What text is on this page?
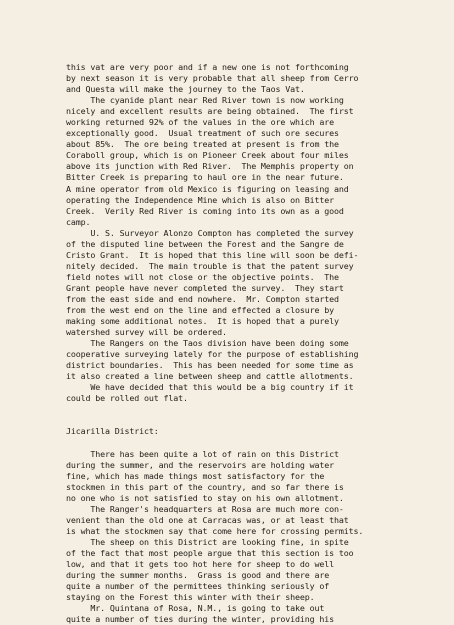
this vat are very poor and if a new one is not forthcoming
by next season it is very probable that all sheep from Cerro
and Questa will make the journey to the Taos Vat.
The cyanide plant near Red River town is now working
nicely and excellent results are being obtained.  The first
working returned 92% of the values in the ore which are
exceptionally good.  Usual treatment of such ore secures
about 85%.  The ore being treated at present is from the
Coraboll group, which is on Pioneer Creek about four miles
above its junction with Red River.  The Memphis property on
Bitter Creek is preparing to haul ore in the near future.
A mine operator from old Mexico is figuring on leasing and
operating the Independence Mine which is also on Bitter
Creek.  Verily Red River is coming into its own as a good
camp.
U. S. Surveyor Alonzo Compton has completed the survey
of the disputed line between the Forest and the Sangre de
Cristo Grant.  It is hoped that this line will soon be defi-
nitely decided.  The main trouble is that the patent survey
field notes will not close or the objective points.  The
Grant people have never completed the survey.  They start
from the east side and end nowhere.  Mr. Compton started
from the west end on the line and effected a closure by
making some additional notes.  It is hoped that a purely
watershed survey will be ordered.
The Rangers on the Taos division have been doing some
cooperative surveying lately for the purpose of establishing
district boundaries.  This has been needed for some time as
it also created a line between sheep and cattle allotments.
We have decided that this would be a big country if it
could be rolled out flat.
Jicarilla District:
There has been quite a lot of rain on this District
during the summer, and the reservoirs are holding water
fine, which has made things most satisfactory for the
stockmen in this part of the country, and so far there is
no one who is not satisfied to stay on his own allotment.
The Ranger's headquarters at Rosa are much more con-
venient than the old one at Carracas was, or at least that
is what the stockmen say that come here for crossing permits.
The sheep on this District are looking fine, in spite
of the fact that most people argue that this section is too
low, and that it gets too hot here for sheep to do well
during the summer months.  Grass is good and there are
quite a number of the permittees thinking seriously of
staying on the Forest this winter with their sheep.
Mr. Quintana of Rosa, N.M., is going to take out
quite a number of ties during the winter, providing his
